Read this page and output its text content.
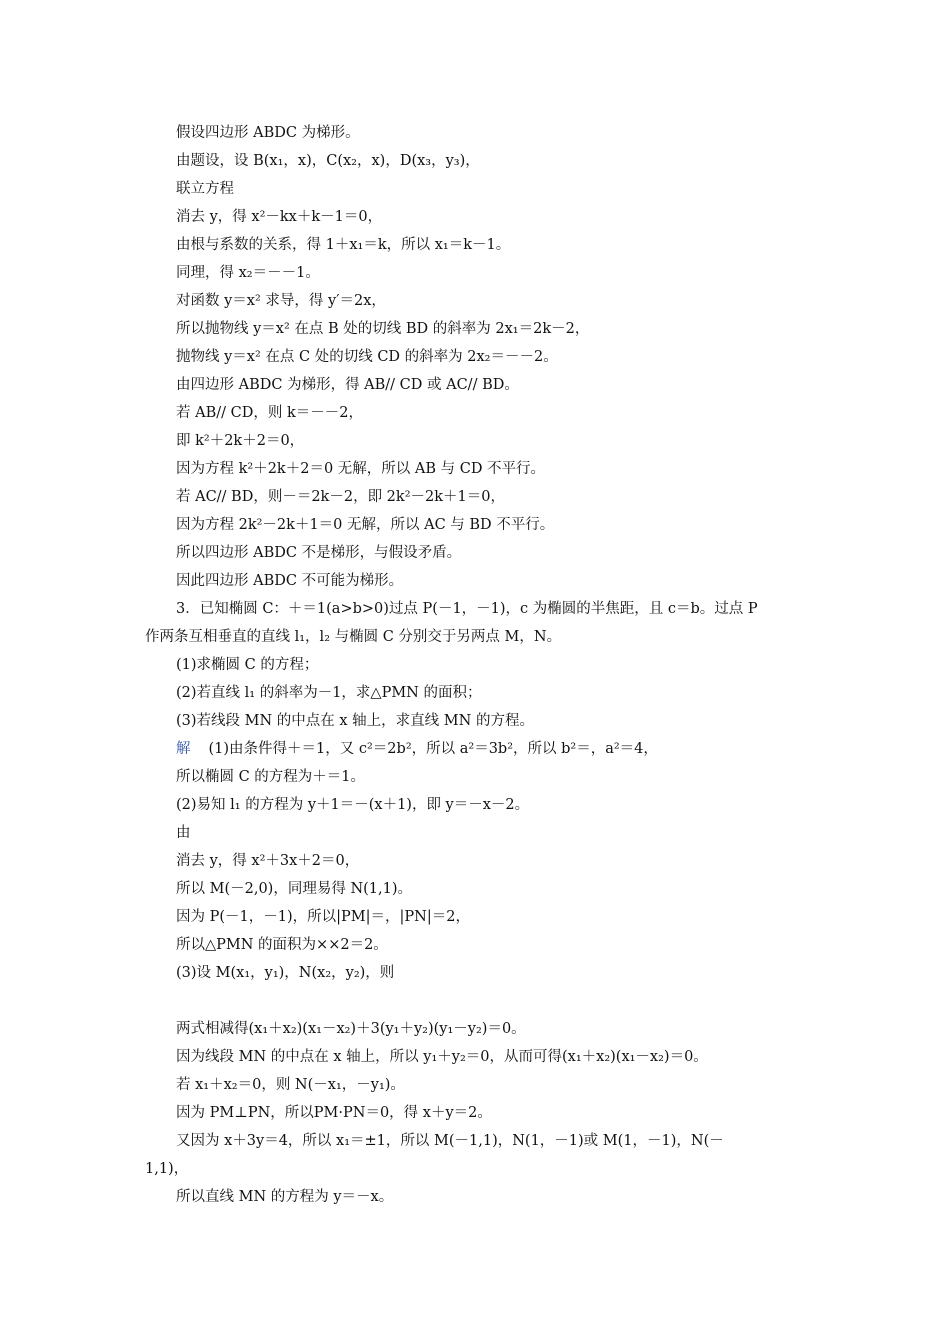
假设四边形 ABDC 为梯形。
由题设，设 B(x₁，x)，C(x₂，x)，D(x₃，y₃)，
联立方程
消去 y，得 x²－kx＋k－1＝0，
由根与系数的关系，得 1＋x₁＝k，所以 x₁＝k－1。
同理，得 x₂＝－－1。
对函数 y＝x² 求导，得 y′＝2x，
所以抛物线 y＝x² 在点 B 处的切线 BD 的斜率为 2x₁＝2k－2，
抛物线 y＝x² 在点 C 处的切线 CD 的斜率为 2x₂＝－－2。
由四边形 ABDC 为梯形，得 AB// CD 或 AC// BD。
若 AB// CD，则 k＝－－2，
即 k²＋2k＋2＝0，
因为方程 k²＋2k＋2＝0 无解，所以 AB 与 CD 不平行。
若 AC// BD，则－＝2k－2，即 2k²－2k＋1＝0，
因为方程 2k²－2k＋1＝0 无解，所以 AC 与 BD 不平行。
所以四边形 ABDC 不是梯形，与假设矛盾。
因此四边形 ABDC 不可能为梯形。
3．已知椭圆 C：＋＝1(a>b>0)过点 P(－1，－1)，c 为椭圆的半焦距，且 c＝b。过点 P
作两条互相垂直的直线 l₁，l₂ 与椭圆 C 分别交于另两点 M，N。
(1)求椭圆 C 的方程；
(2)若直线 l₁ 的斜率为－1，求△PMN 的面积；
(3)若线段 MN 的中点在 x 轴上，求直线 MN 的方程。
解 (1)由条件得＋＝1，又 c²＝2b²，所以 a²＝3b²，所以 b²＝，a²＝4，
所以椭圆 C 的方程为＋＝1。
(2)易知 l₁ 的方程为 y＋1＝－(x＋1)，即 y＝－x－2。
由
消去 y，得 x²＋3x＋2＝0，
所以 M(－2,0)，同理易得 N(1,1)。
因为 P(－1，－1)，所以|PM|＝，|PN|＝2，
所以△PMN 的面积为××2＝2。
(3)设 M(x₁，y₁)，N(x₂，y₂)，则
两式相减得(x₁＋x₂)(x₁－x₂)＋3(y₁＋y₂)(y₁－y₂)＝0。
因为线段 MN 的中点在 x 轴上，所以 y₁＋y₂＝0，从而可得(x₁＋x₂)(x₁－x₂)＝0。
若 x₁＋x₂＝0，则 N(－x₁，－y₁)。
因为 PM⊥PN，所以PM·PN＝0，得 x＋y＝2。
又因为 x＋3y＝4，所以 x₁＝±1，所以 M(－1,1)，N(1，－1)或 M(1，－1)，N(－
1,1)，
所以直线 MN 的方程为 y＝－x。
